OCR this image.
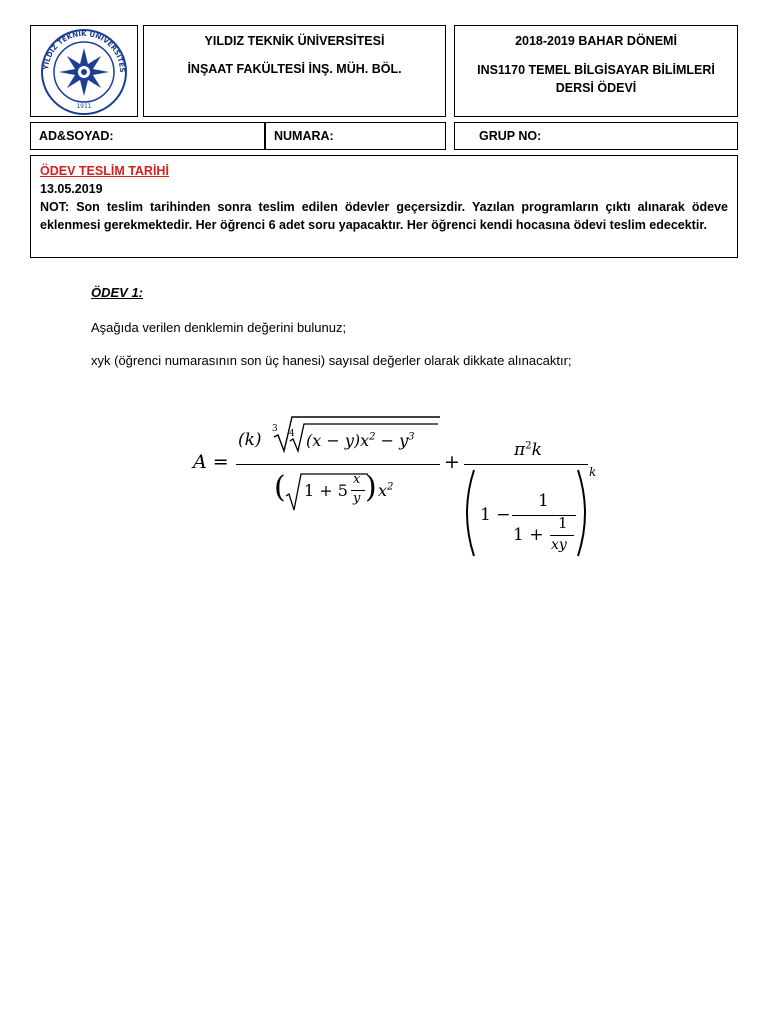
YILDIZ TEKNİK ÜNİVERSİTES
1911
YILDIZ TEKNİK ÜNİVERSİTESİ
İNŞAAT FAKÜLTESİ İNŞ. MÜH. BÖL.
2018-2019 BAHAR DÖNEMİ
INS1170 TEMEL BİLGİSAYAR BİLİMLERİ
DERSİ ÖDEVİ
AD&SOYAD:	NUMARA:	GRUP NO:
ÖDEV TESLİM TARİHİ
13.05.2019
NOT: Son teslim tarihinden sonra teslim edilen ödevler geçersizdir. Yazılan programların çıktı alınarak ödeve eklenmesi gerekmektedir. Her öğrenci 6 adet soru yapacaktır. Her öğrenci kendi hocasına ödevi teslim edecektir.
ÖDEV 1:
Aşağıda verilen denklemin değerini bulunuz;
xyk (öğrenci numarasının son üç hanesi) sayısal değerler olarak dikkate alınacaktır;
A =
(k)
3 4 $(x - y)x^2 - y^3$
( 1 + 5
x
y ) $x^2$
+
$\pi^2k$
1 −
1
1 +
1
xy
k
